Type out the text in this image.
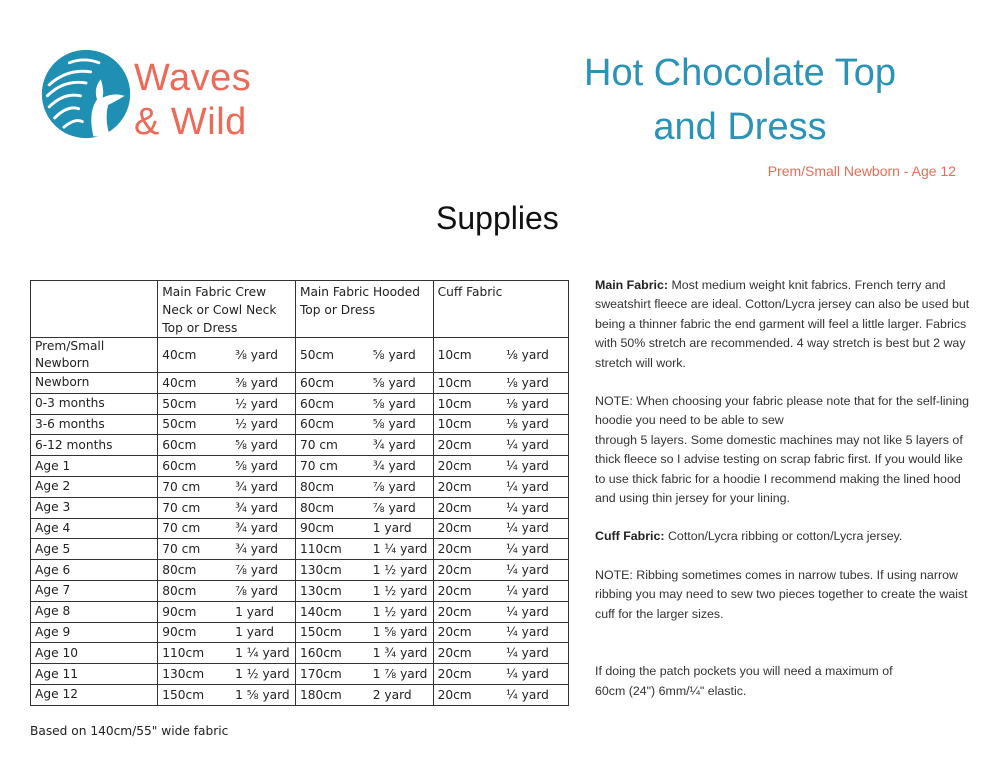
Waves
& Wild
Hot Chocolate Top
and Dress
Prem/Small Newborn - Age 12
Supplies
	Main Fabric Crew Neck or Cowl Neck Top or Dress		Main Fabric Hooded Top or Dress		Cuff Fabric	
Prem/Small Newborn	40cm	⅜ yard	50cm	⅝ yard	10cm	⅛ yard
Newborn	40cm	⅜ yard	60cm	⅝ yard	10cm	⅛ yard
0-3 months	50cm	½ yard	60cm	⅝ yard	10cm	⅛ yard
3-6 months	50cm	½ yard	60cm	⅝ yard	10cm	⅛ yard
6-12 months	60cm	⅝ yard	70 cm	¾ yard	20cm	¼ yard
Age 1	60cm	⅝ yard	70 cm	¾ yard	20cm	¼ yard
Age 2	70 cm	¾ yard	80cm	⅞ yard	20cm	¼ yard
Age 3	70 cm	¾ yard	80cm	⅞ yard	20cm	¼ yard
Age 4	70 cm	¾ yard	90cm	1 yard	20cm	¼ yard
Age 5	70 cm	¾ yard	110cm	1 ¼ yard	20cm	¼ yard
Age 6	80cm	⅞ yard	130cm	1 ½ yard	20cm	¼ yard
Age 7	80cm	⅞ yard	130cm	1 ½ yard	20cm	¼ yard
Age 8	90cm	1 yard	140cm	1 ½ yard	20cm	¼ yard
Age 9	90cm	1 yard	150cm	1 ⅝ yard	20cm	¼ yard
Age 10	110cm	1 ¼ yard	160cm	1 ¾ yard	20cm	¼ yard
Age 11	130cm	1 ½ yard	170cm	1 ⅞ yard	20cm	¼ yard
Age 12	150cm	1 ⅝ yard	180cm	2 yard	20cm	¼ yard
Based on 140cm/55" wide fabric

Main Fabric: Most medium weight knit fabrics. French terry and sweatshirt fleece are ideal. Cotton/Lycra jersey can also be used but being a thinner fabric the end garment will feel a little larger. Fabrics with 50% stretch are recommended. 4 way stretch is best but 2 way stretch will work.

NOTE: When choosing your fabric please note that for the self-lining hoodie you need to be able to sew
through 5 layers. Some domestic machines may not like 5 layers of thick fleece so I advise testing on scrap fabric first. If you would like to use thick fabric for a hoodie I recommend making the lined hood and using thin jersey for your lining.

Cuff Fabric: Cotton/Lycra ribbing or cotton/Lycra jersey.

NOTE: Ribbing sometimes comes in narrow tubes. If using narrow ribbing you may need to sew two pieces together to create the waist cuff for the larger sizes.

If doing the patch pockets you will need a maximum of 60cm (24") 6mm/¼" elastic.
